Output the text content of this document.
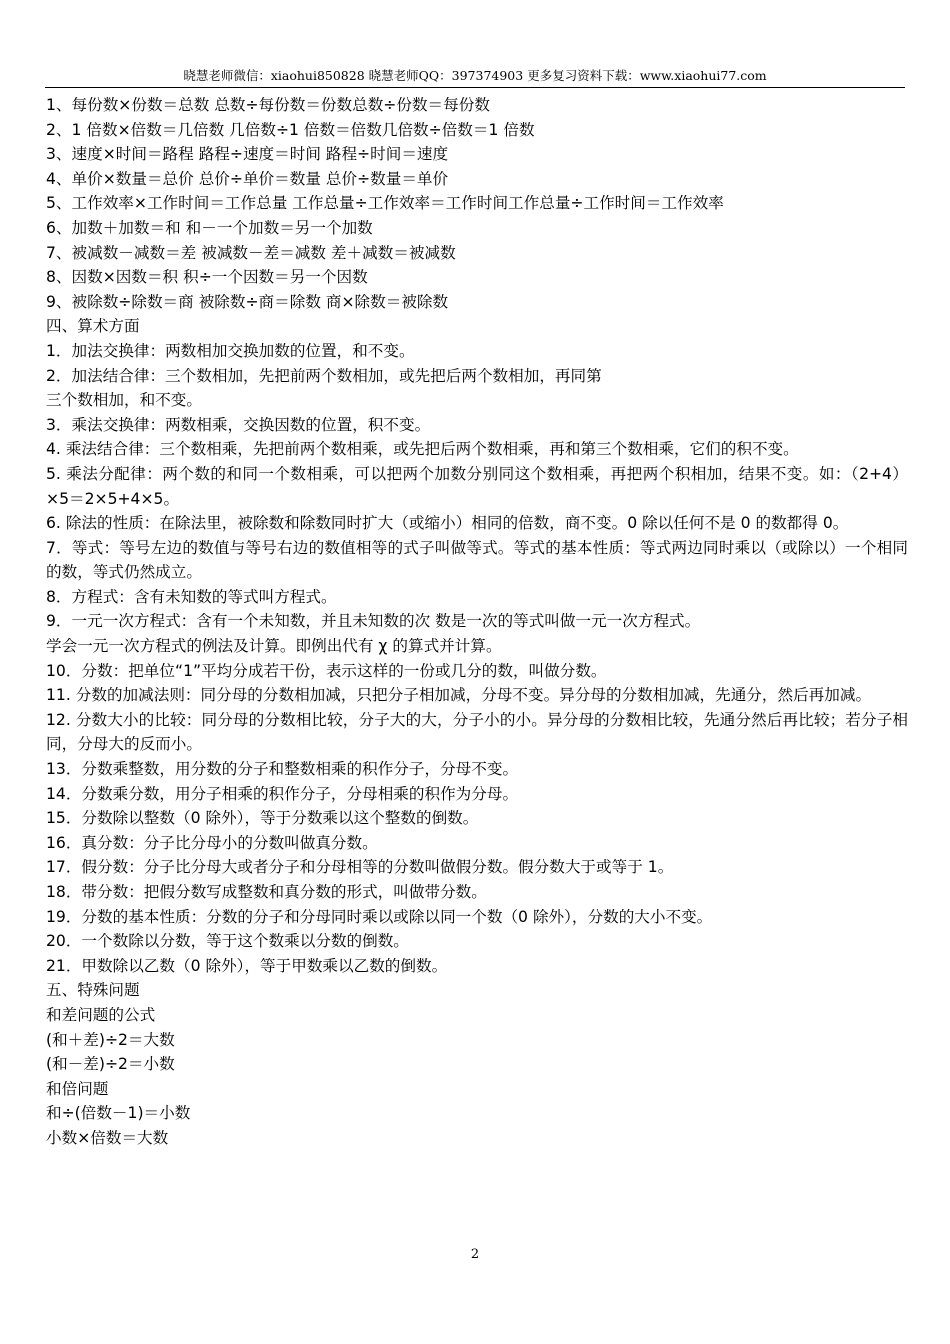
晓慧老师微信：xiaohui850828 晓慧老师QQ：397374903 更多复习资料下载：www.xiaohui77.com

1、每份数×份数＝总数 总数÷每份数＝份数总数÷份数＝每份数

2、1 倍数×倍数＝几倍数 几倍数÷1 倍数＝倍数几倍数÷倍数＝1 倍数

3、速度×时间＝路程 路程÷速度＝时间 路程÷时间＝速度

4、单价×数量＝总价 总价÷单价＝数量 总价÷数量＝单价

5、工作效率×工作时间＝工作总量 工作总量÷工作效率＝工作时间工作总量÷工作时间＝工作效率

6、加数＋加数＝和 和－一个加数＝另一个加数

7、被减数－减数＝差 被减数－差＝减数 差＋减数＝被减数

8、因数×因数＝积 积÷一个因数＝另一个因数

9、被除数÷除数＝商 被除数÷商＝除数 商×除数＝被除数

四、算术方面

1．加法交换律：两数相加交换加数的位置，和不变。

2．加法结合律：三个数相加，先把前两个数相加，或先把后两个数相加，再同第

三个数相加，和不变。

3．乘法交换律：两数相乘，交换因数的位置，积不变。

4. 乘法结合律：三个数相乘，先把前两个数相乘，或先把后两个数相乘，再和第三个数相乘，它们的积不变。

5. 乘法分配律：两个数的和同一个数相乘，可以把两个加数分别同这个数相乘，再把两个积相加，结果不变。如：（2+4）×5＝2×5+4×5。

6. 除法的性质：在除法里，被除数和除数同时扩大（或缩小）相同的倍数，商不变。0 除以任何不是 0 的数都得 0。

7．等式：等号左边的数值与等号右边的数值相等的式子叫做等式。等式的基本性质：等式两边同时乘以（或除以）一个相同的数，等式仍然成立。

8．方程式：含有未知数的等式叫方程式。

9．一元一次方程式：含有一个未知数，并且未知数的次 数是一次的等式叫做一元一次方程式。

学会一元一次方程式的例法及计算。即例出代有 χ 的算式并计算。

10．分数：把单位“1”平均分成若干份，表示这样的一份或几分的数，叫做分数。

11. 分数的加减法则：同分母的分数相加减，只把分子相加减，分母不变。异分母的分数相加减，先通分，然后再加减。

12. 分数大小的比较：同分母的分数相比较，分子大的大，分子小的小。异分母的分数相比较，先通分然后再比较；若分子相同，分母大的反而小。

13．分数乘整数，用分数的分子和整数相乘的积作分子，分母不变。

14．分数乘分数，用分子相乘的积作分子，分母相乘的积作为分母。

15．分数除以整数（0 除外），等于分数乘以这个整数的倒数。

16．真分数：分子比分母小的分数叫做真分数。

17．假分数：分子比分母大或者分子和分母相等的分数叫做假分数。假分数大于或等于 1。

18．带分数：把假分数写成整数和真分数的形式，叫做带分数。

19．分数的基本性质：分数的分子和分母同时乘以或除以同一个数（0 除外），分数的大小不变。

20．一个数除以分数，等于这个数乘以分数的倒数。

21．甲数除以乙数（0 除外），等于甲数乘以乙数的倒数。

五、特殊问题

和差问题的公式

(和＋差)÷2＝大数

(和－差)÷2＝小数

和倍问题

和÷(倍数－1)＝小数

小数×倍数＝大数

2
